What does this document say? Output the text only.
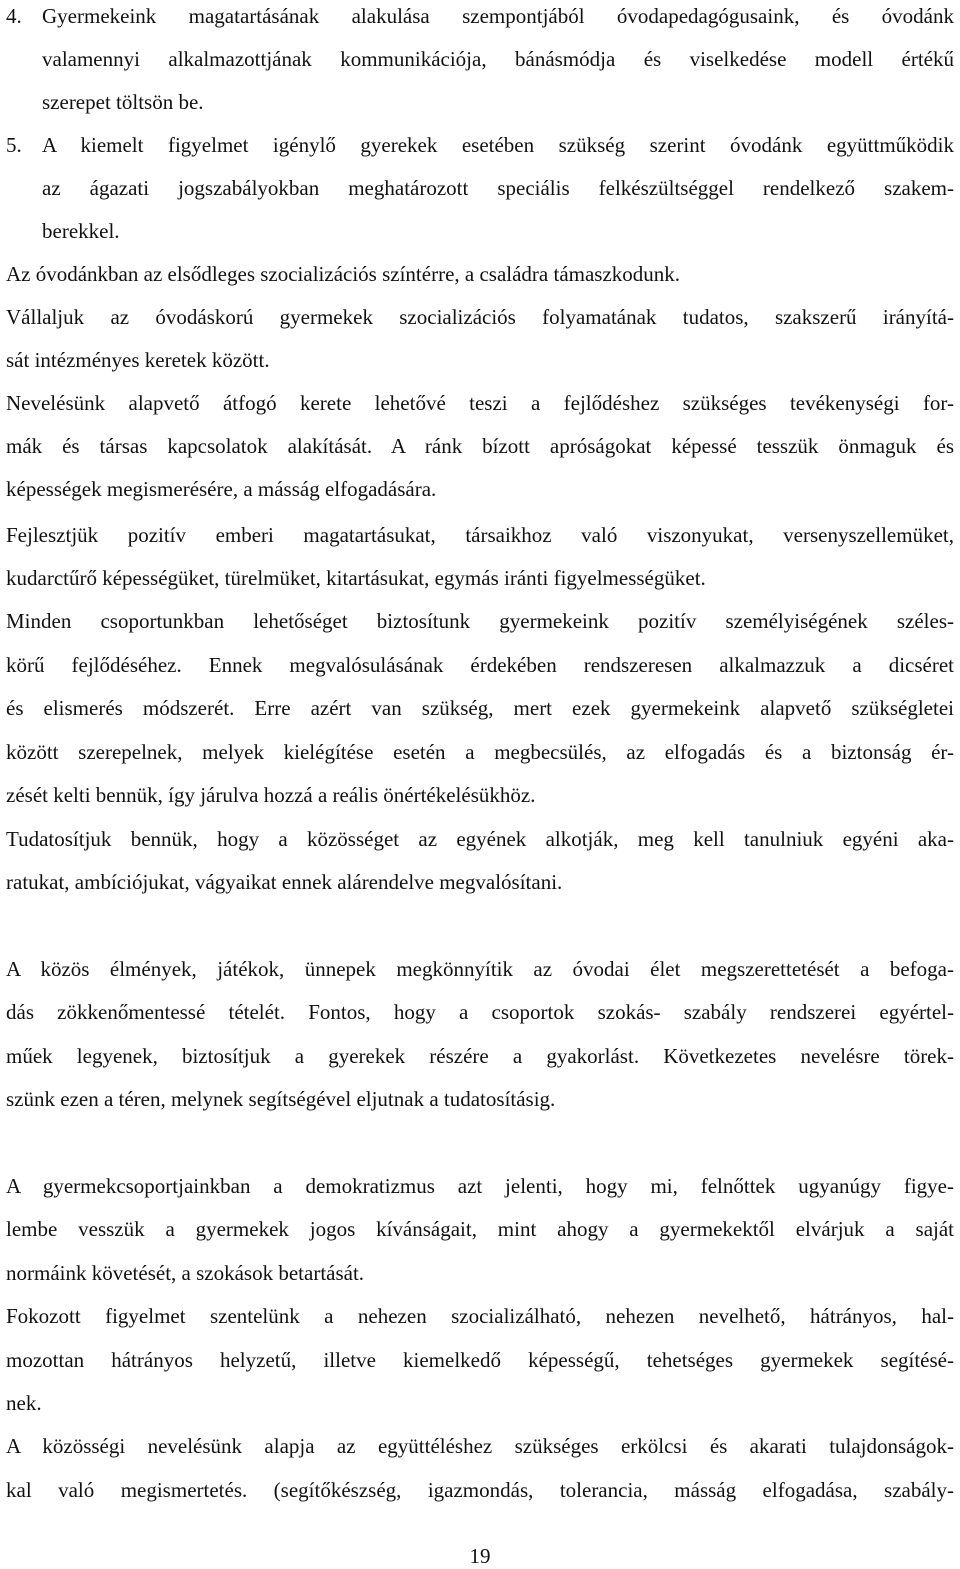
4. Gyermekeink magatartásának alakulása szempontjából óvodapedagógusaink, és óvodánk
valamennyi alkalmazottjának kommunikációja, bánásmódja és viselkedése modell értékű
szerepet töltsön be.
5. A kiemelt figyelmet igénylő gyerekek esetében szükség szerint óvodánk együttműködik
az ágazati jogszabályokban meghatározott speciális felkészültséggel rendelkező szakem-
berekkel.
Az óvodánkban az elsődleges szocializációs színtérre, a családra támaszkodunk.
Vállaljuk az óvodáskorú gyermekek szocializációs folyamatának tudatos, szakszerű irányítá-
sát intézményes keretek között.
Nevelésünk alapvető átfogó kerete lehetővé teszi a fejlődéshez szükséges tevékenységi for-
mák és társas kapcsolatok alakítását. A ránk bízott apróságokat képessé tesszük önmaguk és
képességek megismerésére, a másság elfogadására.
Fejlesztjük pozitív emberi magatartásukat, társaikhoz való viszonyukat, versenyszellemüket,
kudarctűrő képességüket, türelmüket, kitartásukat, egymás iránti figyelmességüket.
Minden csoportunkban lehetőséget biztosítunk gyermekeink pozitív személyiségének széles-
körű fejlődéséhez. Ennek megvalósulásának érdekében rendszeresen alkalmazzuk a dicséret
és elismerés módszerét. Erre azért van szükség, mert ezek gyermekeink alapvető szükségletei
között szerepelnek, melyek kielégítése esetén a megbecsülés, az elfogadás és a biztonság ér-
zését kelti bennük, így járulva hozzá a reális önértékelésükhöz.
Tudatosítjuk bennük, hogy a közösséget az egyének alkotják, meg kell tanulniuk egyéni aka-
ratukat, ambíciójukat, vágyaikat ennek alárendelve megvalósítani.
A közös élmények, játékok, ünnepek megkönnyítik az óvodai élet megszerettetését a befoga-
dás zökkenőmentessé tételét. Fontos, hogy a csoportok szokás- szabály rendszerei egyértel-
műek legyenek, biztosítjuk a gyerekek részére a gyakorlást. Következetes nevelésre törek-
szünk ezen a téren, melynek segítségével eljutnak a tudatosításig.
A gyermekcsoportjainkban a demokratizmus azt jelenti, hogy mi, felnőttek ugyanúgy figye-
lembe vesszük a gyermekek jogos kívánságait, mint ahogy a gyermekektől elvárjuk a saját
normáink követését, a szokások betartását.
Fokozott figyelmet szentelünk a nehezen szocializálható, nehezen nevelhető, hátrányos, hal-
mozottan hátrányos helyzetű, illetve kiemelkedő képességű, tehetséges gyermekek segítésé-
nek.
A közösségi nevelésünk alapja az együttéléshez szükséges erkölcsi és akarati tulajdonságok-
kal való megismertetés. (segítőkészség, igazmondás, tolerancia, másság elfogadása, szabály-
19
